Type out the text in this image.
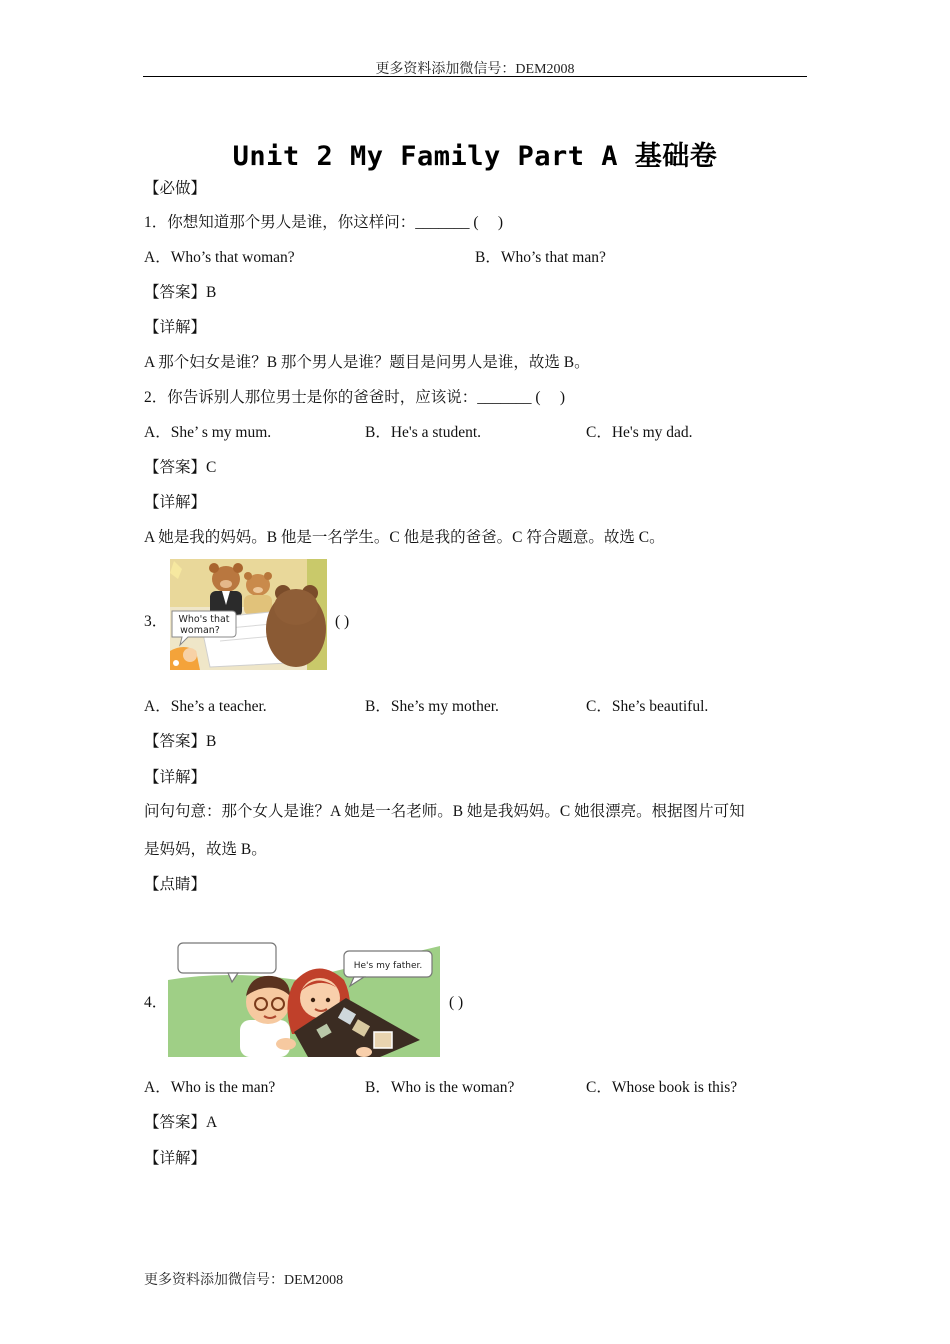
更多资料添加微信号：DEM2008
Unit 2 My Family Part A 基础卷
【必做】
1．你想知道那个男人是谁，你这样问：_______ (　 )
A．Who’s that woman?	B．Who’s that man?
【答案】B
【详解】
A 那个妇女是谁？B 那个男人是谁？题目是问男人是谁，故选 B。
2．你告诉别人那位男士是你的爸爸时，应该说：_______ (　 )
A．She’ s my mum.	B．He's a student.	C．He's my dad.
【答案】C
【详解】
A 她是我的妈妈。B 他是一名学生。C 他是我的爸爸。C 符合题意。故选 C。
3． Who's that
woman?
( )
A．She’s a teacher.	B．She’s my mother.	C．She’s beautiful.
【答案】B
【详解】
问句句意：那个女人是谁？A 她是一名老师。B 她是我妈妈。C 她很漂亮。根据图片可知
是妈妈，故选 B。
【点睛】
4．
He's my father.
( )
A．Who is the man?	B．Who is the woman?	C．Whose book is this?
【答案】A
【详解】
更多资料添加微信号：DEM2008
